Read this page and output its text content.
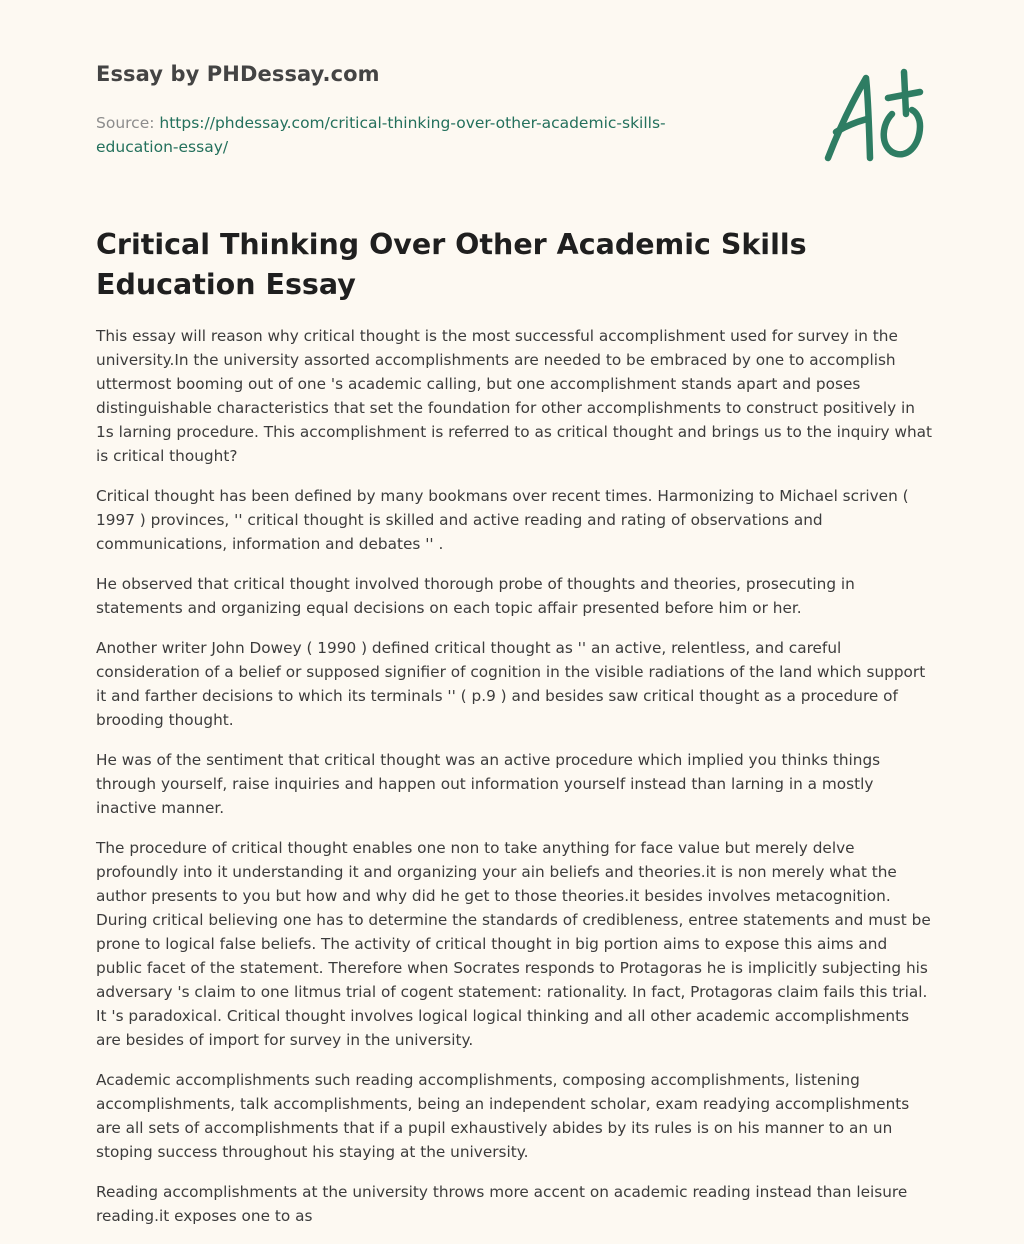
Essay by PHDessay.com
Source: https://phdessay.com/critical-thinking-over-other-academic-skills-education-essay/
Critical Thinking Over Other Academic Skills Education Essay

This essay will reason why critical thought is the most successful accomplishment used for survey in the university.In the university assorted accomplishments are needed to be embraced by one to accomplish uttermost booming out of one 's academic calling, but one accomplishment stands apart and poses distinguishable characteristics that set the foundation for other accomplishments to construct positively in 1s larning procedure. This accomplishment is referred to as critical thought and brings us to the inquiry what is critical thought?

Critical thought has been defined by many bookmans over recent times. Harmonizing to Michael scriven ( 1997 ) provinces, '' critical thought is skilled and active reading and rating of observations and communications, information and debates '' .

He observed that critical thought involved thorough probe of thoughts and theories, prosecuting in statements and organizing equal decisions on each topic affair presented before him or her.

Another writer John Dowey ( 1990 ) defined critical thought as '' an active, relentless, and careful consideration of a belief or supposed signifier of cognition in the visible radiations of the land which support it and farther decisions to which its terminals '' ( p.9 ) and besides saw critical thought as a procedure of brooding thought.

He was of the sentiment that critical thought was an active procedure which implied you thinks things through yourself, raise inquiries and happen out information yourself instead than larning in a mostly inactive manner.

The procedure of critical thought enables one non to take anything for face value but merely delve profoundly into it understanding it and organizing your ain beliefs and theories.it is non merely what the author presents to you but how and why did he get to those theories.it besides involves metacognition. During critical believing one has to determine the standards of credibleness, entree statements and must be prone to logical false beliefs. The activity of critical thought in big portion aims to expose this aims and public facet of the statement. Therefore when Socrates responds to Protagoras he is implicitly subjecting his adversary 's claim to one litmus trial of cogent statement: rationality. In fact, Protagoras claim fails this trial. It 's paradoxical. Critical thought involves logical logical thinking and all other academic accomplishments are besides of import for survey in the university.

Academic accomplishments such reading accomplishments, composing accomplishments, listening accomplishments, talk accomplishments, being an independent scholar, exam readying accomplishments are all sets of accomplishments that if a pupil exhaustively abides by its rules is on his manner to an un stoping success throughout his staying at the university.

Reading accomplishments at the university throws more accent on academic reading instead than leisure reading.it exposes one to as
